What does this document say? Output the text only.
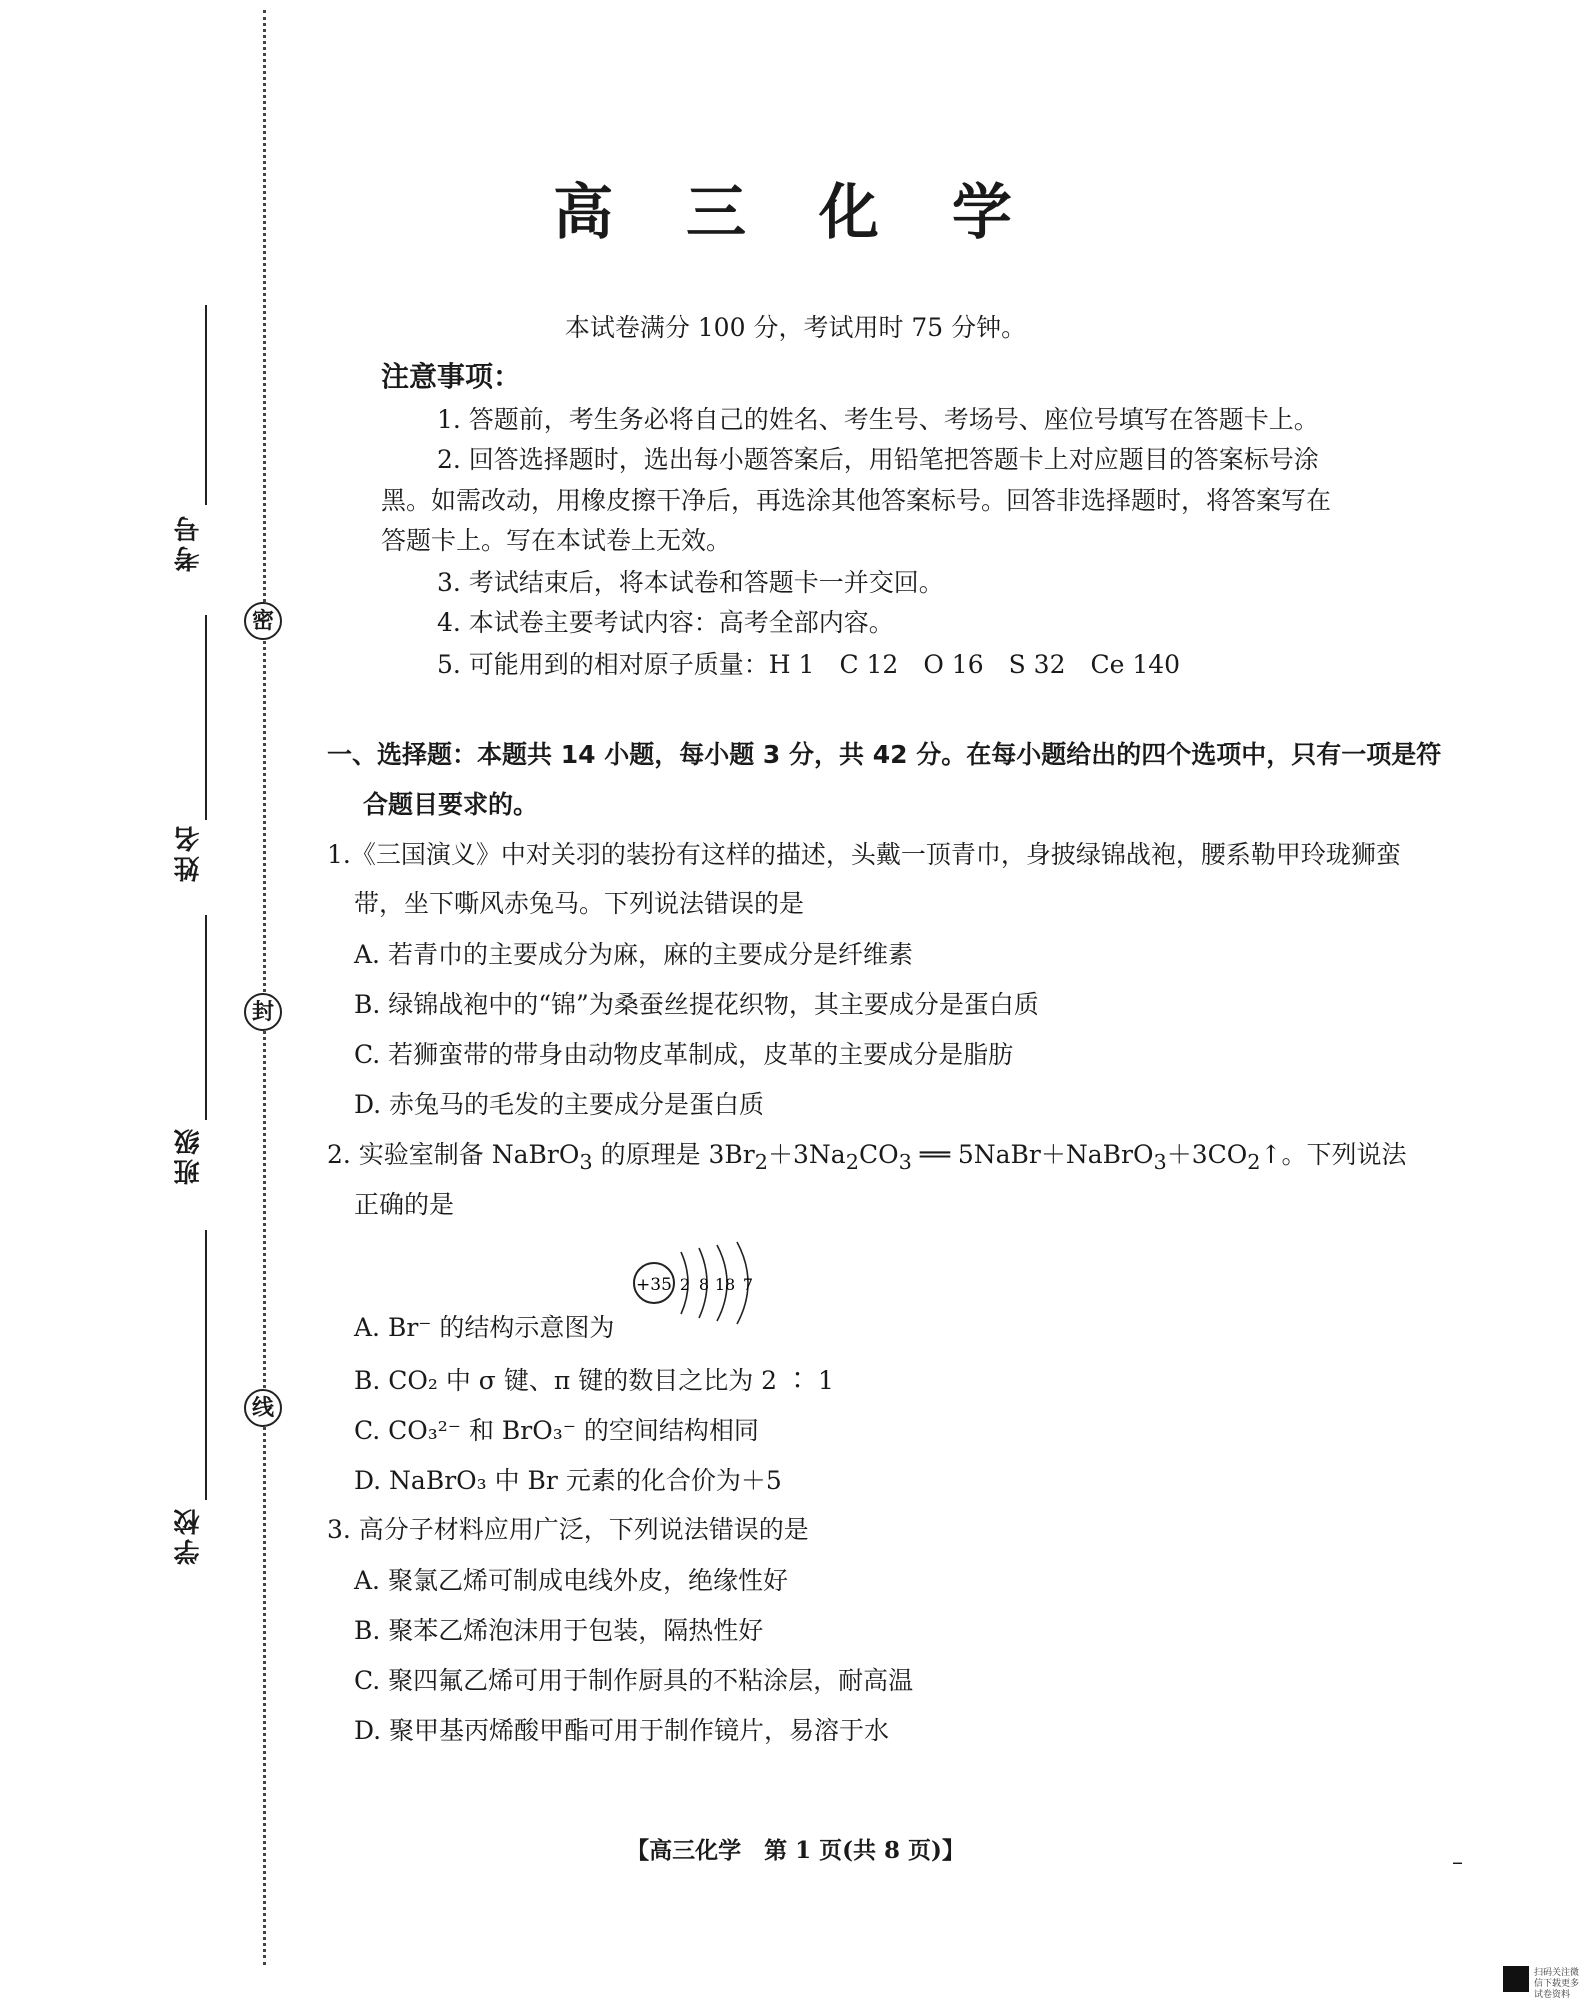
密
封
线
考号
姓名
班级
学校
高 三 化 学
本试卷满分 100 分，考试用时 75 分钟。
注意事项：
1. 答题前，考生务必将自己的姓名、考生号、考场号、座位号填写在答题卡上。
2. 回答选择题时，选出每小题答案后，用铅笔把答题卡上对应题目的答案标号涂
黑。如需改动，用橡皮擦干净后，再选涂其他答案标号。回答非选择题时，将答案写在
答题卡上。写在本试卷上无效。
3. 考试结束后，将本试卷和答题卡一并交回。
4. 本试卷主要考试内容：高考全部内容。
5. 可能用到的相对原子质量：H 1　C 12　O 16　S 32　Ce 140
一、选择题：本题共 14 小题，每小题 3 分，共 42 分。在每小题给出的四个选项中，只有一项是符
合题目要求的。
1.《三国演义》中对关羽的装扮有这样的描述，头戴一顶青巾，身披绿锦战袍，腰系勒甲玲珑狮蛮
带，坐下嘶风赤兔马。下列说法错误的是
A. 若青巾的主要成分为麻，麻的主要成分是纤维素
B. 绿锦战袍中的“锦”为桑蚕丝提花织物，其主要成分是蛋白质
C. 若狮蛮带的带身由动物皮革制成，皮革的主要成分是脂肪
D. 赤兔马的毛发的主要成分是蛋白质
2. 实验室制备 NaBrO$_3$ 的原理是 $3Br_2+3Na_2CO_3$ ══ $5NaBr+NaBrO_3+3CO_2↑$。下列说法
正确的是
A. Br⁻ 的结构示意图为
+35 2 8 18 7
B. CO₂ 中 σ 键、π 键的数目之比为 2 ∶ 1
C. CO₃²⁻ 和 BrO₃⁻ 的空间结构相同
D. NaBrO₃ 中 Br 元素的化合价为＋5
3. 高分子材料应用广泛，下列说法错误的是
A. 聚氯乙烯可制成电线外皮，绝缘性好
B. 聚苯乙烯泡沫用于包装，隔热性好
C. 聚四氟乙烯可用于制作厨具的不粘涂层，耐高温
D. 聚甲基丙烯酸甲酯可用于制作镜片，易溶于水
【高三化学　第 1 页(共 8 页)】	–
扫码关注微信下载更多试卷资料
